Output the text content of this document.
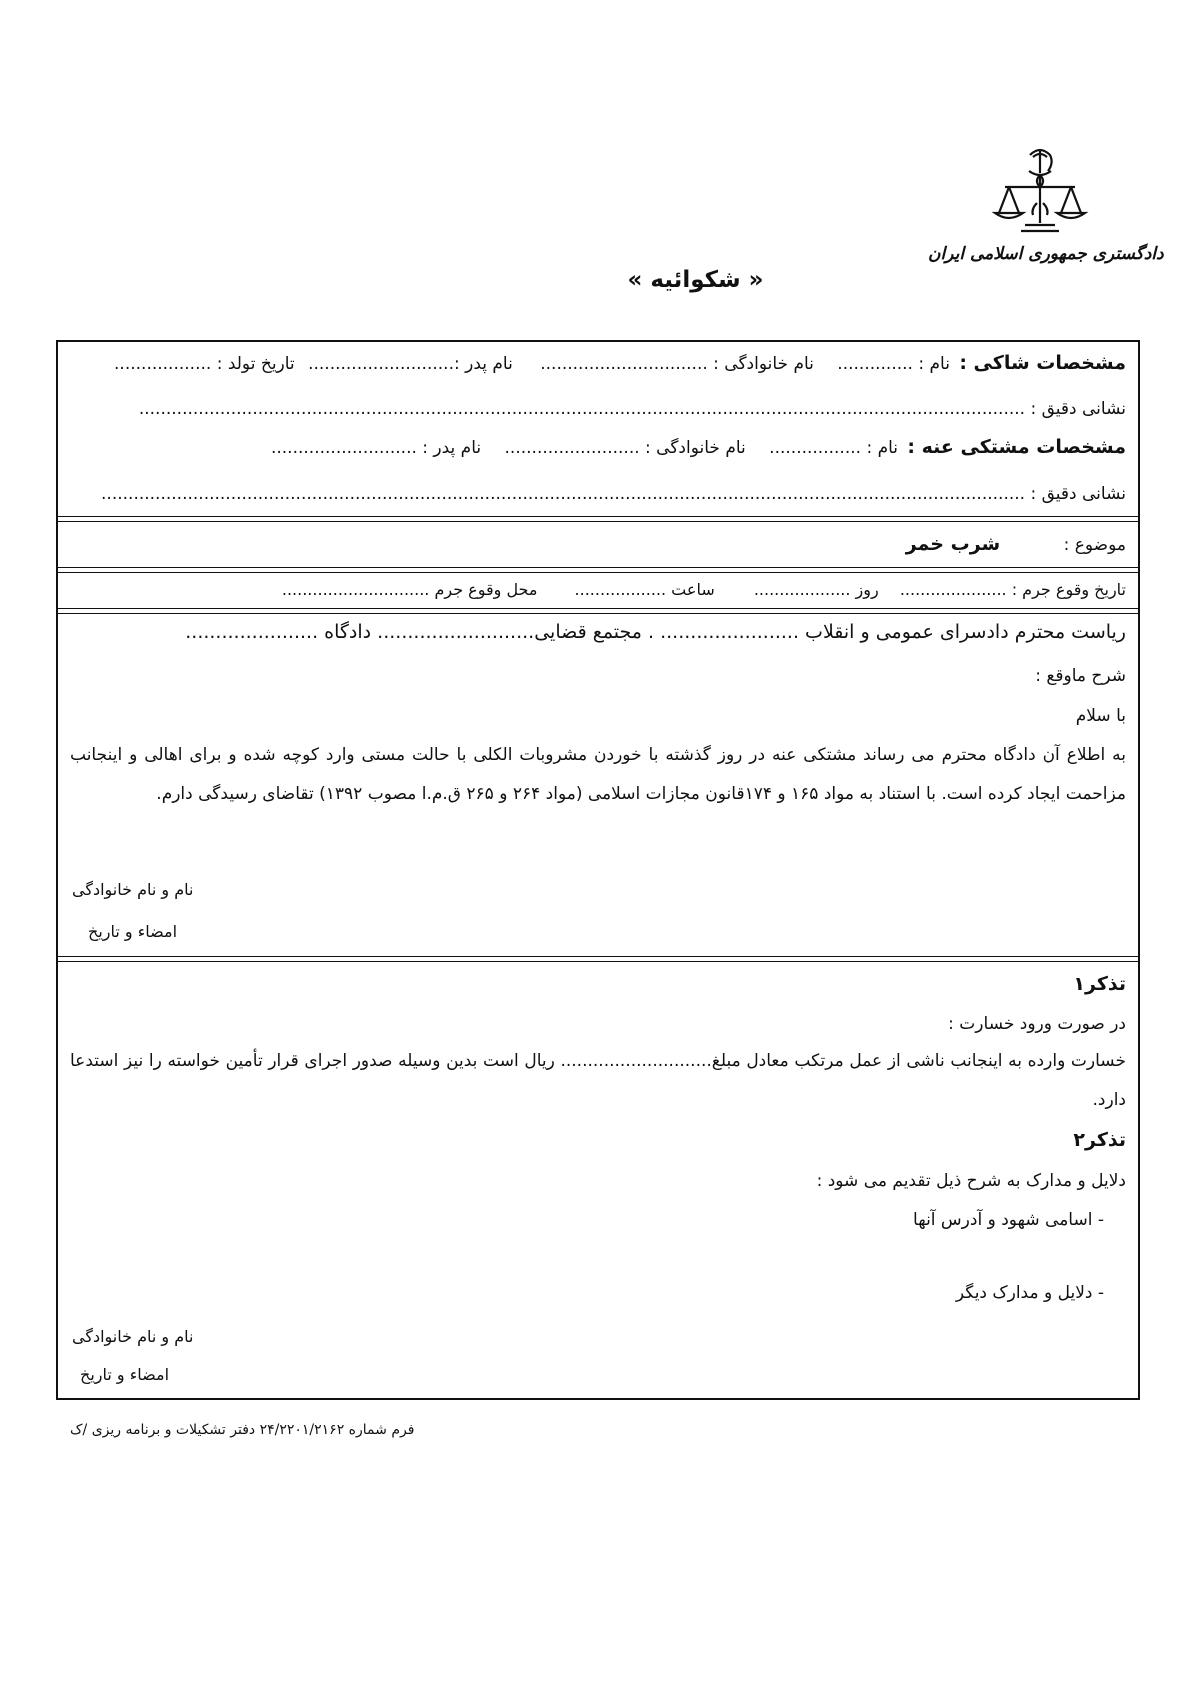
دادگستری جمهوری اسلامی ایران
« شکوائیه »
مشخصات شاکی : نام : .............. نام خانوادگی : ............................... نام پدر :........................... تاریخ تولد : ..................
نشانی دقیق : ....................................................................................................................................................................
مشخصات مشتکی عنه : نام : ................. نام خانوادگی : ......................... نام پدر : ...........................
نشانی دقیق : ...........................................................................................................................................................................
موضوع : شرب خمر
تاریخ وقوع جرم : ..................... روز ................... ساعت .................. محل وقوع جرم .............................
ریاست محترم دادسرای عمومی و انقلاب ....................... . مجتمع قضایی.......................... دادگاه ......................
شرح ماوقع :
با سلام
به اطلاع آن دادگاه محترم می رساند مشتکی عنه در روز گذشته با خوردن مشروبات الکلی با حالت مستی وارد کوچه شده و برای اهالی و اینجانب مزاحمت ایجاد کرده است. با استناد به مواد ۱۶۵ و ۱۷۴قانون مجازات اسلامی (مواد ۲۶۴ و ۲۶۵ ق.م.ا مصوب ۱۳۹۲) تقاضای رسیدگی دارم.
نام و نام خانوادگی
امضاء و تاریخ
تذکر۱
در صورت ورود خسارت :
خسارت وارده به اینجانب ناشی از عمل مرتکب معادل مبلغ............................ ریال است بدین وسیله صدور اجرای قرار تأمین خواسته را نیز استدعا دارد.
تذکر۲
دلایل و مدارک به شرح ذیل تقدیم می شود :
- اسامی شهود و آدرس آنها
- دلایل و مدارک دیگر
نام و نام خانوادگی
امضاء و تاریخ
فرم شماره ۲۴/۲۲۰۱/۲۱۶۲ دفتر تشکیلات و برنامه ریزی /ک
